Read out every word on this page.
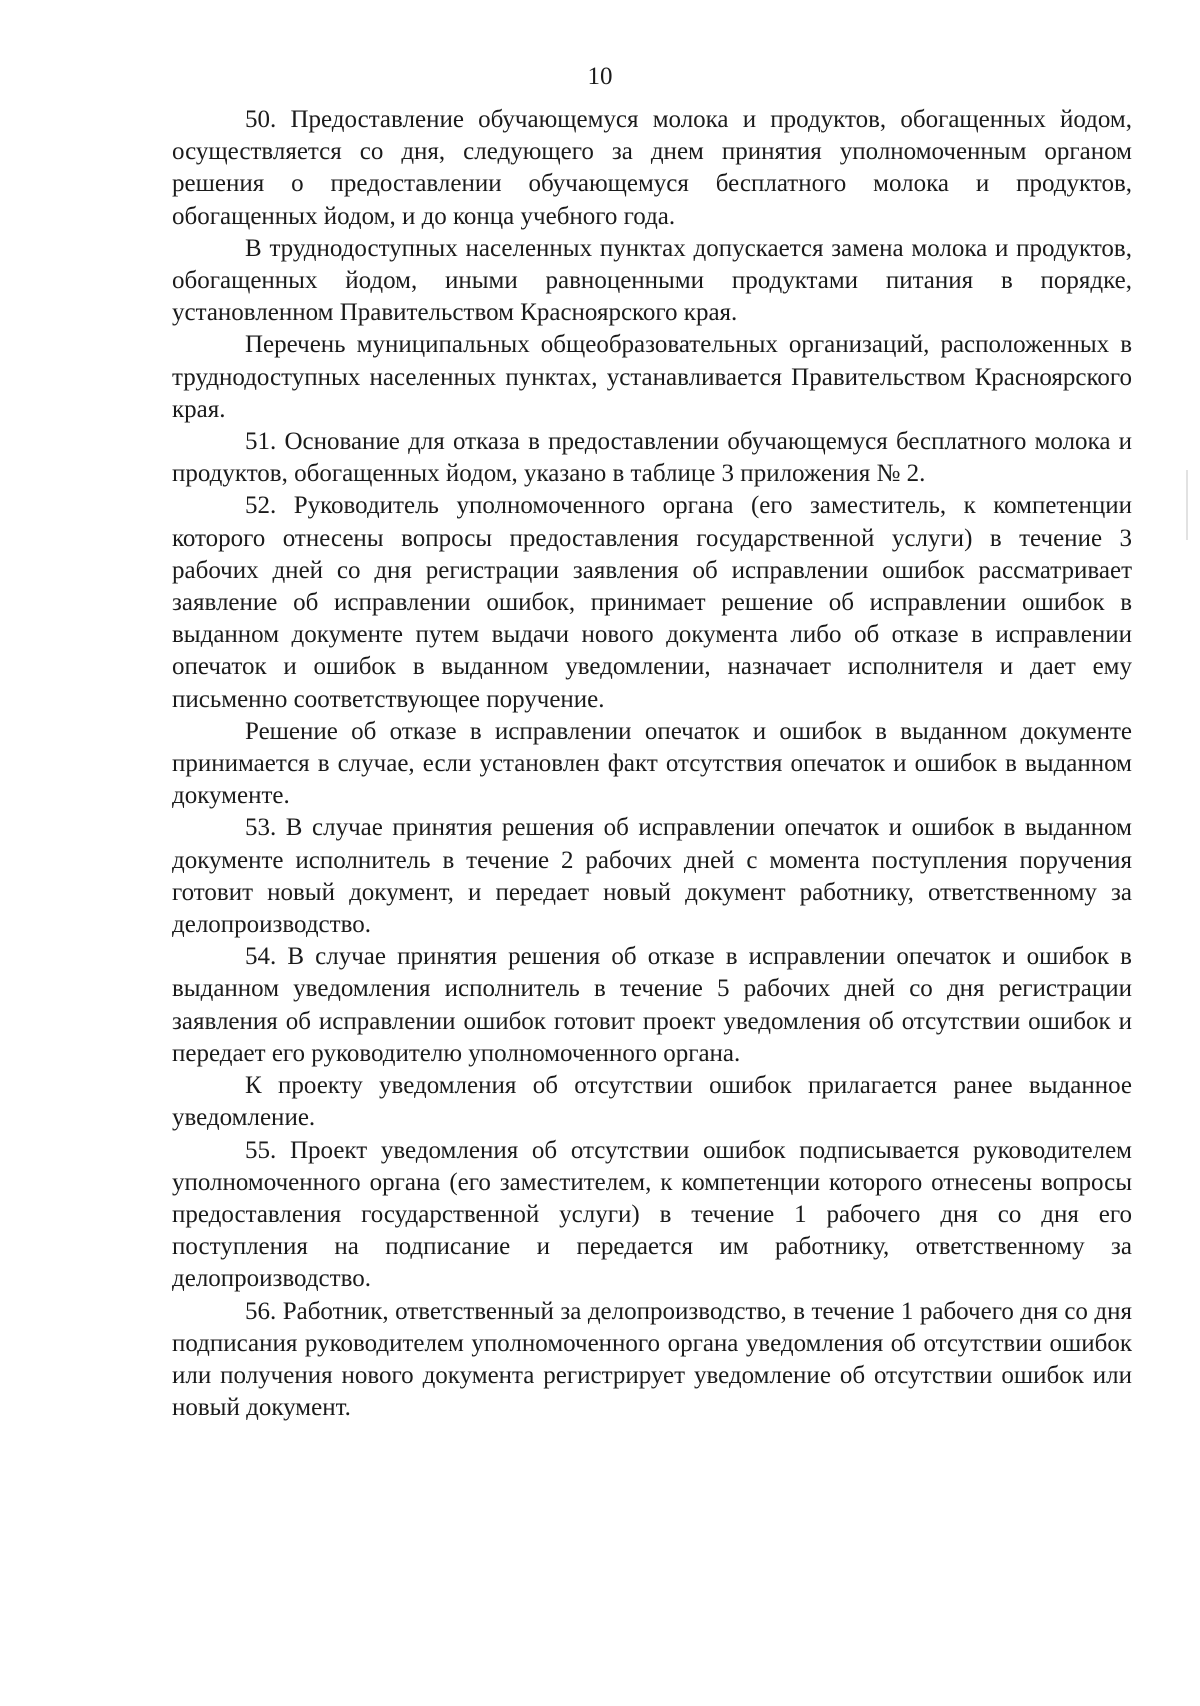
10

50. Предоставление обучающемуся молока и продуктов, обогащенных йодом, осуществляется со дня, следующего за днем принятия уполномоченным органом решения о предоставлении обучающемуся бесплатного молока и продуктов, обогащенных йодом, и до конца учебного года.

В труднодоступных населенных пунктах допускается замена молока и продуктов, обогащенных йодом, иными равноценными продуктами питания в порядке, установленном Правительством Красноярского края.

Перечень муниципальных общеобразовательных организаций, расположенных в труднодоступных населенных пунктах, устанавливается Правительством Красноярского края.

51. Основание для отказа в предоставлении обучающемуся бесплатного молока и продуктов, обогащенных йодом, указано в таблице 3 приложения № 2.

52. Руководитель уполномоченного органа (его заместитель, к компетенции которого отнесены вопросы предоставления государственной услуги) в течение 3 рабочих дней со дня регистрации заявления об исправлении ошибок рассматривает заявление об исправлении ошибок, принимает решение об исправлении ошибок в выданном документе путем выдачи нового документа либо об отказе в исправлении опечаток и ошибок в выданном уведомлении, назначает исполнителя и дает ему письменно соответствующее поручение.

Решение об отказе в исправлении опечаток и ошибок в выданном документе принимается в случае, если установлен факт отсутствия опечаток и ошибок в выданном документе.

53. В случае принятия решения об исправлении опечаток и ошибок в выданном документе исполнитель в течение 2 рабочих дней с момента поступления поручения готовит новый документ, и передает новый документ работнику, ответственному за делопроизводство.

54. В случае принятия решения об отказе в исправлении опечаток и ошибок в выданном уведомления исполнитель в течение 5 рабочих дней со дня регистрации заявления об исправлении ошибок готовит проект уведомления об отсутствии ошибок и передает его руководителю уполномоченного органа.

К проекту уведомления об отсутствии ошибок прилагается ранее выданное уведомление.

55. Проект уведомления об отсутствии ошибок подписывается руководителем уполномоченного органа (его заместителем, к компетенции которого отнесены вопросы предоставления государственной услуги) в течение 1 рабочего дня со дня его поступления на подписание и передается им работнику, ответственному за делопроизводство.

56. Работник, ответственный за делопроизводство, в течение 1 рабочего дня со дня подписания руководителем уполномоченного органа уведомления об отсутствии ошибок или получения нового документа регистрирует уведомление об отсутствии ошибок или новый документ.
